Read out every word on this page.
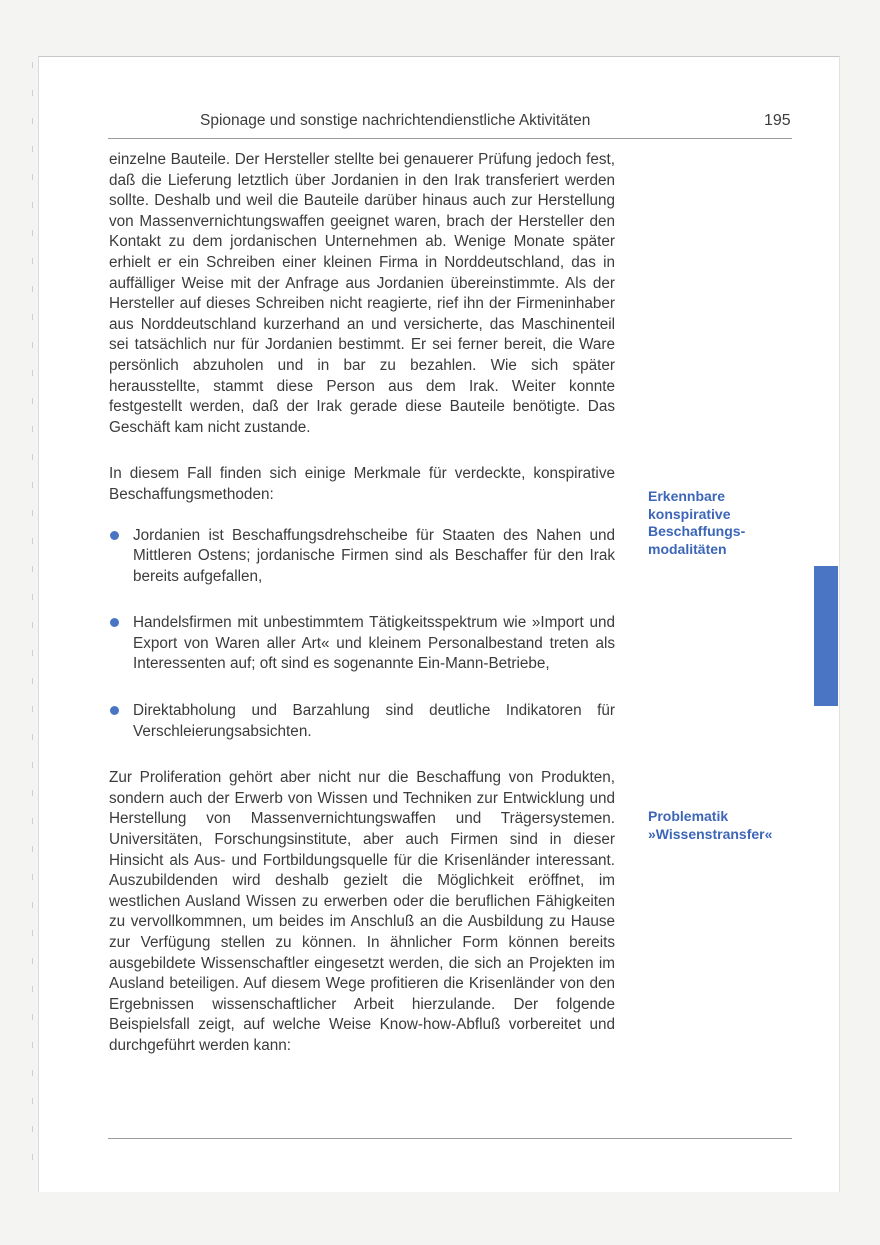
Spionage und sonstige nachrichtendienstliche Aktivitäten	195

einzelne Bauteile. Der Hersteller stellte bei genauerer Prüfung jedoch fest, daß die Lieferung letztlich über Jordanien in den Irak transferiert werden sollte. Deshalb und weil die Bauteile darüber hinaus auch zur Herstellung von Massenvernichtungswaffen geeignet waren, brach der Hersteller den Kontakt zu dem jordanischen Unternehmen ab. Wenige Monate später erhielt er ein Schreiben einer kleinen Firma in Norddeutschland, das in auffälliger Weise mit der Anfrage aus Jordanien übereinstimmte. Als der Hersteller auf dieses Schreiben nicht reagierte, rief ihn der Firmeninhaber aus Norddeutschland kurzerhand an und versicherte, das Maschinenteil sei tatsächlich nur für Jordanien bestimmt. Er sei ferner bereit, die Ware persönlich abzuholen und in bar zu bezahlen. Wie sich später herausstellte, stammt diese Person aus dem Irak. Weiter konnte festgestellt werden, daß der Irak gerade diese Bauteile benötigte. Das Geschäft kam nicht zustande.

In diesem Fall finden sich einige Merkmale für verdeckte, konspirative Beschaffungsmethoden:

Jordanien ist Beschaffungsdrehscheibe für Staaten des Nahen und Mittleren Ostens; jordanische Firmen sind als Beschaffer für den Irak bereits aufgefallen,
Handelsfirmen mit unbestimmtem Tätigkeitsspektrum wie »Import und Export von Waren aller Art« und kleinem Personalbestand treten als Interessenten auf; oft sind es sogenannte Ein-Mann-Betriebe,
Direktabholung und Barzahlung sind deutliche Indikatoren für Verschleierungsabsichten.

Zur Proliferation gehört aber nicht nur die Beschaffung von Produkten, sondern auch der Erwerb von Wissen und Techniken zur Entwicklung und Herstellung von Massenvernichtungswaffen und Trägersystemen. Universitäten, Forschungsinstitute, aber auch Firmen sind in dieser Hinsicht als Aus- und Fortbildungsquelle für die Krisenländer interessant. Auszubildenden wird deshalb gezielt die Möglichkeit eröffnet, im westlichen Ausland Wissen zu erwerben oder die beruflichen Fähigkeiten zu vervollkommnen, um beides im Anschluß an die Ausbildung zu Hause zur Verfügung stellen zu können. In ähnlicher Form können bereits ausgebildete Wissenschaftler eingesetzt werden, die sich an Projekten im Ausland beteiligen. Auf diesem Wege profitieren die Krisenländer von den Ergebnissen wissenschaftlicher Arbeit hierzulande. Der folgende Beispielsfall zeigt, auf welche Weise Know-how-Abfluß vorbereitet und durchgeführt werden kann:

Erkennbare
konspirative
Beschaffungs-
modalitäten
Problematik
»Wissenstransfer«
